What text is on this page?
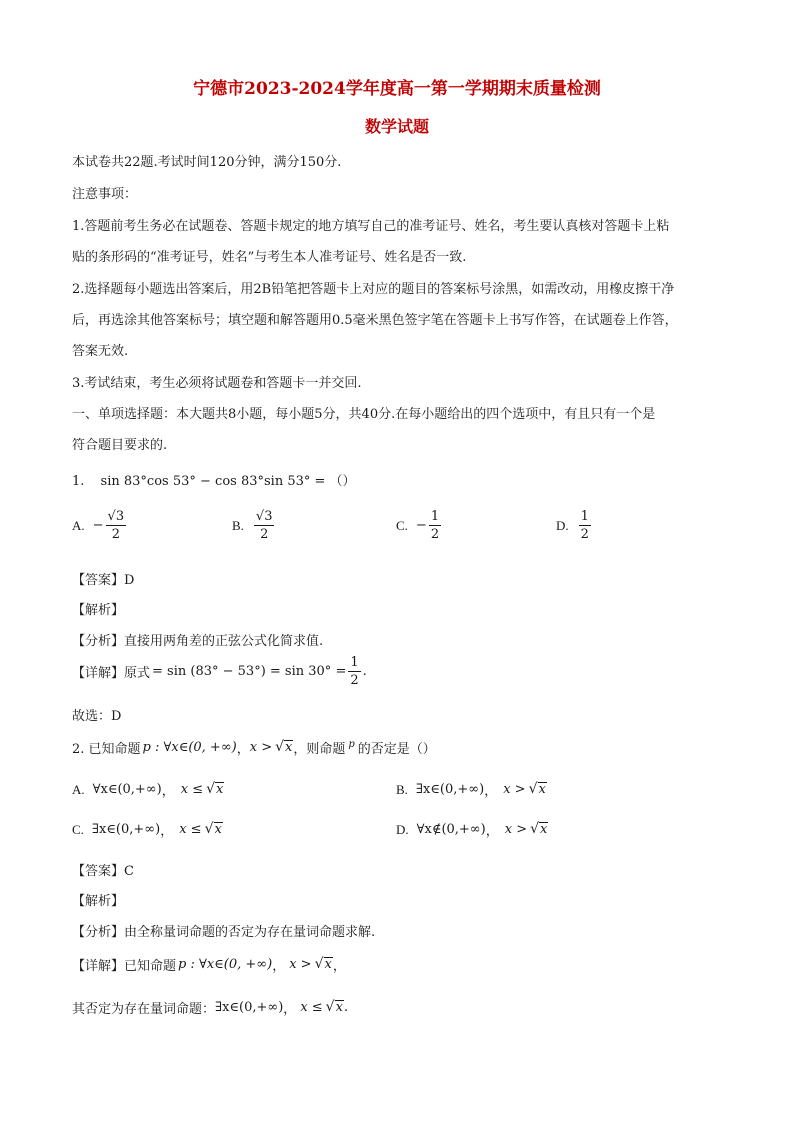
宁德市2023-2024学年度高一第一学期期末质量检测
数学试题
本试卷共22题.考试时间120分钟，满分150分.
注意事项：
1.答题前考生务必在试题卷、答题卡规定的地方填写自己的准考证号、姓名，考生要认真核对答题卡上粘
贴的条形码的“准考证号，姓名”与考生本人准考证号、姓名是否一致.
2.选择题每小题选出答案后，用2B铅笔把答题卡上对应的题目的答案标号涂黑，如需改动，用橡皮擦干净
后，再选涂其他答案标号；填空题和解答题用0.5毫米黑色签字笔在答题卡上书写作答，在试题卷上作答，
答案无效.
3.考试结束，考生必须将试题卷和答题卡一并交回.
一、单项选择题：本大题共8小题，每小题5分，共40分.在每小题给出的四个选项中，有且只有一个是
符合题目要求的.
1. sin 83°cos 53° − cos 83°sin 53° = （）
A. − $\frac{√3}{2}$	B. $\frac{√3}{2}$	C. − $\frac{1}{2}$	D. $\frac{1}{2}$
【答案】D
【解析】
【分析】直接用两角差的正弦公式化简求值.
【详解】 原式 = $\sin (83^\circ - 53^\circ) = \sin 30^\circ = \frac{1}{2}$ .
故选：D
2. 已知命题 p : ∀x∈(0, +∞) ， x > √ x ，则命题 p 的否定是（）
A. ∀x∈(0,+∞) ， x ≤ √ x	B. ∃x∈(0,+∞) ， x > √ x
C. ∃x∈(0,+∞) ， x ≤ √ x	D. ∀x∉(0,+∞) ， x > √ x
【答案】C
【解析】
【分析】由全称量词命题的否定为存在量词命题求解.
【详解】 已知命题 p : ∀x∈(0, +∞) ， x > √ x ，
其否定为存在量词命题： ∃x∈(0,+∞) ， x ≤ √ x .
